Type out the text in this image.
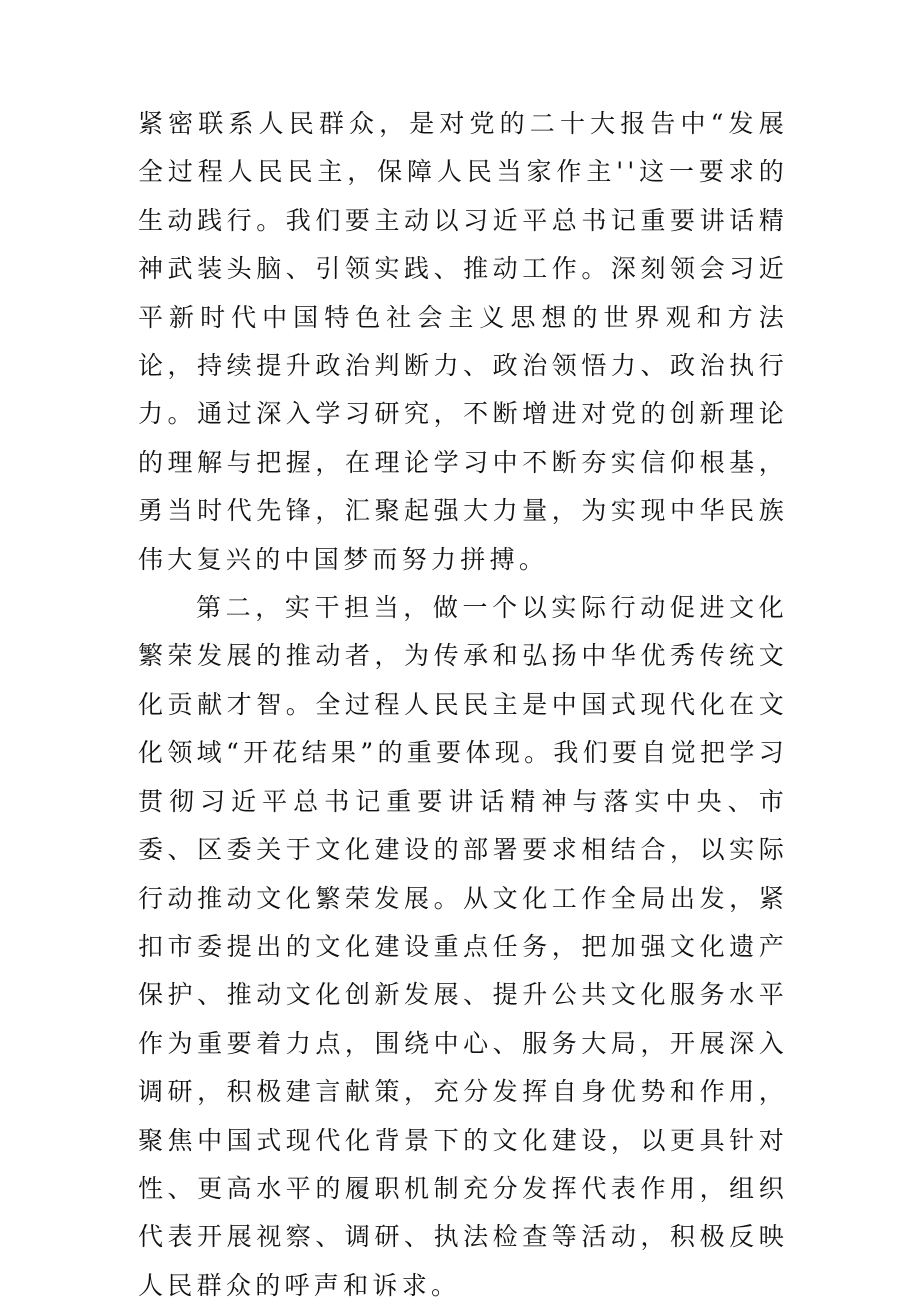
紧密联系人民群众，是对党的二十大报告中“发展全过程人民民主，保障人民当家作主''这一要求的生动践行。我们要主动以习近平总书记重要讲话精神武装头脑、引领实践、推动工作。深刻领会习近平新时代中国特色社会主义思想的世界观和方法论，持续提升政治判断力、政治领悟力、政治执行力。通过深入学习研究，不断增进对党的创新理论的理解与把握，在理论学习中不断夯实信仰根基，勇当时代先锋，汇聚起强大力量，为实现中华民族伟大复兴的中国梦而努力拼搏。

第二，实干担当，做一个以实际行动促进文化繁荣发展的推动者，为传承和弘扬中华优秀传统文化贡献才智。全过程人民民主是中国式现代化在文化领域“开花结果”的重要体现。我们要自觉把学习贯彻习近平总书记重要讲话精神与落实中央、市委、区委关于文化建设的部署要求相结合，以实际行动推动文化繁荣发展。从文化工作全局出发，紧扣市委提出的文化建设重点任务，把加强文化遗产保护、推动文化创新发展、提升公共文化服务水平作为重要着力点，围绕中心、服务大局，开展深入调研，积极建言献策，充分发挥自身优势和作用，聚焦中国式现代化背景下的文化建设，以更具针对性、更高水平的履职机制充分发挥代表作用，组织代表开展视察、调研、执法检查等活动，积极反映人民群众的呼声和诉求。
